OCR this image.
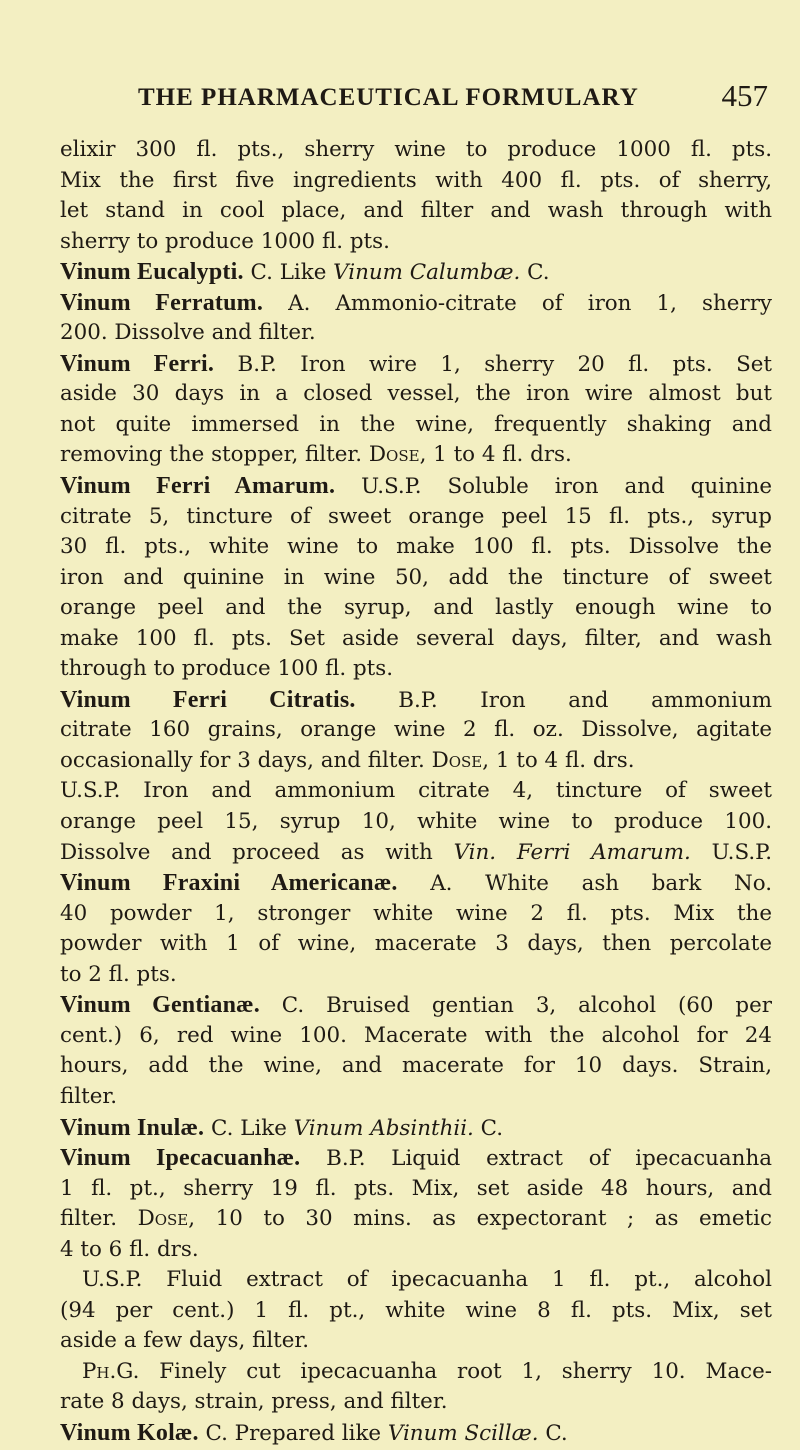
THE PHARMACEUTICAL FORMULARY	457
elixir 300 fl. pts., sherry wine to produce 1000 fl. pts.
Mix the first five ingredients with 400 fl. pts. of sherry,
let stand in cool place, and filter and wash through with
sherry to produce 1000 fl. pts.
Vinum Eucalypti. C. Like Vinum Calumbæ. C.
Vinum Ferratum. A. Ammonio-citrate of iron 1, sherry
200. Dissolve and filter.
Vinum Ferri. B.P. Iron wire 1, sherry 20 fl. pts. Set
aside 30 days in a closed vessel, the iron wire almost but
not quite immersed in the wine, frequently shaking and
removing the stopper, filter. Dose, 1 to 4 fl. drs.
Vinum Ferri Amarum. U.S.P. Soluble iron and quinine
citrate 5, tincture of sweet orange peel 15 fl. pts., syrup
30 fl. pts., white wine to make 100 fl. pts. Dissolve the
iron and quinine in wine 50, add the tincture of sweet
orange peel and the syrup, and lastly enough wine to
make 100 fl. pts. Set aside several days, filter, and wash
through to produce 100 fl. pts.
Vinum Ferri Citratis. B.P. Iron and ammonium
citrate 160 grains, orange wine 2 fl. oz. Dissolve, agitate
occasionally for 3 days, and filter. Dose, 1 to 4 fl. drs.
U.S.P. Iron and ammonium citrate 4, tincture of sweet
orange peel 15, syrup 10, white wine to produce 100.
Dissolve and proceed as with Vin. Ferri Amarum. U.S.P.
Vinum Fraxini Americanæ. A. White ash bark No.
40 powder 1, stronger white wine 2 fl. pts. Mix the
powder with 1 of wine, macerate 3 days, then percolate
to 2 fl. pts.
Vinum Gentianæ. C. Bruised gentian 3, alcohol (60 per
cent.) 6, red wine 100. Macerate with the alcohol for 24
hours, add the wine, and macerate for 10 days. Strain,
filter.
Vinum Inulæ. C. Like Vinum Absinthii. C.
Vinum Ipecacuanhæ. B.P. Liquid extract of ipecacuanha
1 fl. pt., sherry 19 fl. pts. Mix, set aside 48 hours, and
filter. Dose, 10 to 30 mins. as expectorant ; as emetic
4 to 6 fl. drs.
U.S.P. Fluid extract of ipecacuanha 1 fl. pt., alcohol
(94 per cent.) 1 fl. pt., white wine 8 fl. pts. Mix, set
aside a few days, filter.
Ph.G. Finely cut ipecacuanha root 1, sherry 10. Mace-
rate 8 days, strain, press, and filter.
Vinum Kolæ. C. Prepared like Vinum Scillæ. C.
